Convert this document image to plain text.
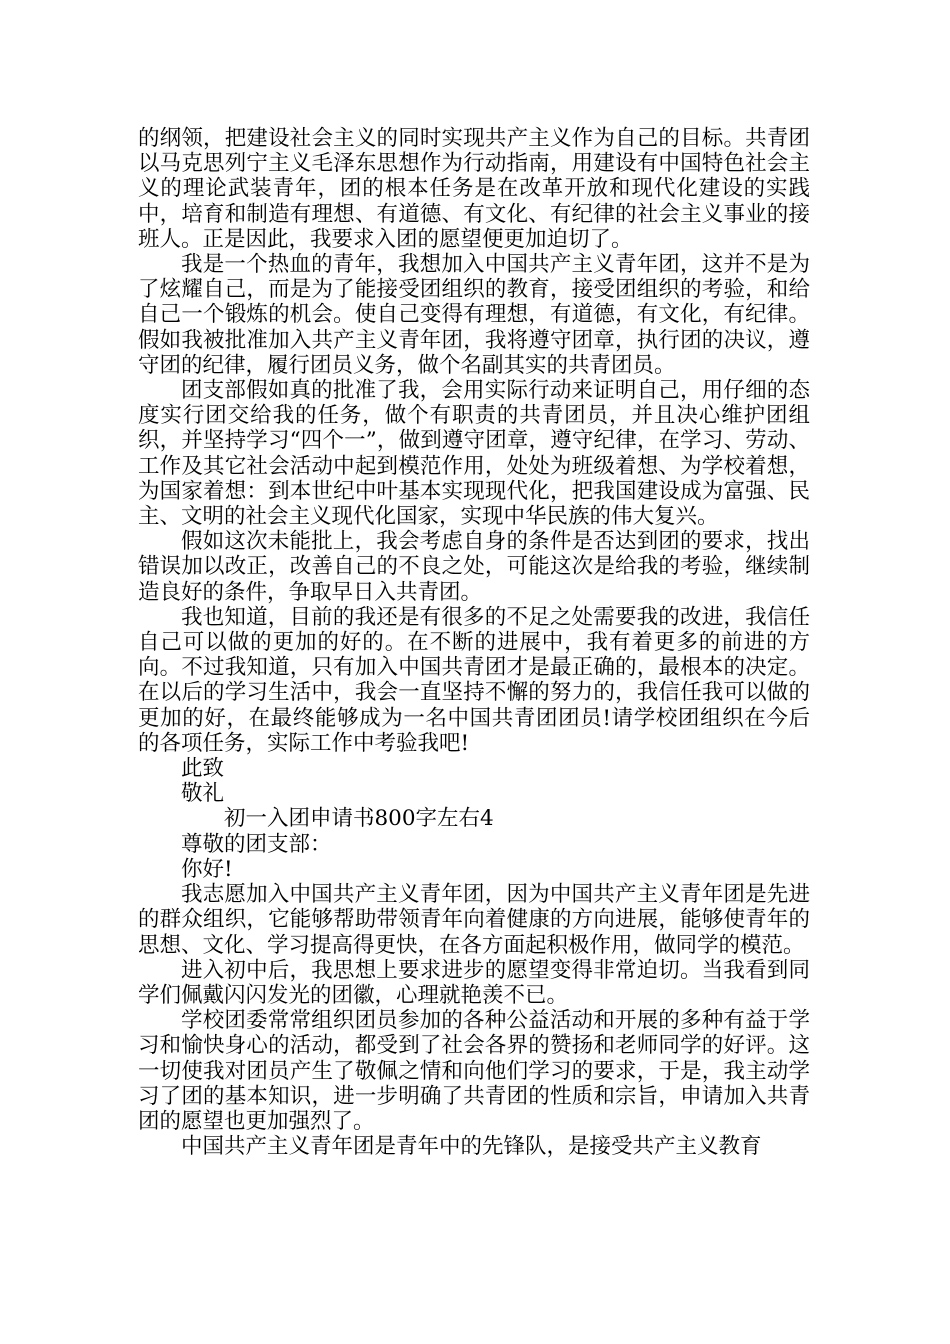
的纲领，把建设社会主义的同时实现共产主义作为自己的目标。共青团以马克思列宁主义毛泽东思想作为行动指南，用建设有中国特色社会主义的理论武装青年，团的根本任务是在改革开放和现代化建设的实践中，培育和制造有理想、有道德、有文化、有纪律的社会主义事业的接班人。正是因此，我要求入团的愿望便更加迫切了。

我是一个热血的青年，我想加入中国共产主义青年团，这并不是为了炫耀自己，而是为了能接受团组织的教育，接受团组织的考验，和给自己一个锻炼的机会。使自己变得有理想，有道德，有文化，有纪律。假如我被批准加入共产主义青年团，我将遵守团章，执行团的决议，遵守团的纪律，履行团员义务，做个名副其实的共青团员。

团支部假如真的批准了我，会用实际行动来证明自己，用仔细的态度实行团交给我的任务，做个有职责的共青团员，并且决心维护团组织，并坚持学习“四个一”，做到遵守团章，遵守纪律，在学习、劳动、工作及其它社会活动中起到模范作用，处处为班级着想、为学校着想，为国家着想：到本世纪中叶基本实现现代化，把我国建设成为富强、民主、文明的社会主义现代化国家，实现中华民族的伟大复兴。

假如这次未能批上，我会考虑自身的条件是否达到团的要求，找出错误加以改正，改善自己的不良之处，可能这次是给我的考验，继续制造良好的条件，争取早日入共青团。

我也知道，目前的我还是有很多的不足之处需要我的改进，我信任自己可以做的更加的好的。在不断的进展中，我有着更多的前进的方向。不过我知道，只有加入中国共青团才是最正确的，最根本的决定。在以后的学习生活中，我会一直坚持不懈的努力的，我信任我可以做的更加的好，在最终能够成为一名中国共青团团员!请学校团组织在今后的各项任务，实际工作中考验我吧!

此致

敬礼

初一入团申请书800字左右4

尊敬的团支部：

你好!

我志愿加入中国共产主义青年团，因为中国共产主义青年团是先进的群众组织，它能够帮助带领青年向着健康的方向进展，能够使青年的思想、文化、学习提高得更快，在各方面起积极作用，做同学的模范。

进入初中后，我思想上要求进步的愿望变得非常迫切。当我看到同学们佩戴闪闪发光的团徽，心理就艳羡不已。

学校团委常常组织团员参加的各种公益活动和开展的多种有益于学习和愉快身心的活动，都受到了社会各界的赞扬和老师同学的好评。这一切使我对团员产生了敬佩之情和向他们学习的要求，于是，我主动学习了团的基本知识，进一步明确了共青团的性质和宗旨，申请加入共青团的愿望也更加强烈了。

中国共产主义青年团是青年中的先锋队，是接受共产主义教育
